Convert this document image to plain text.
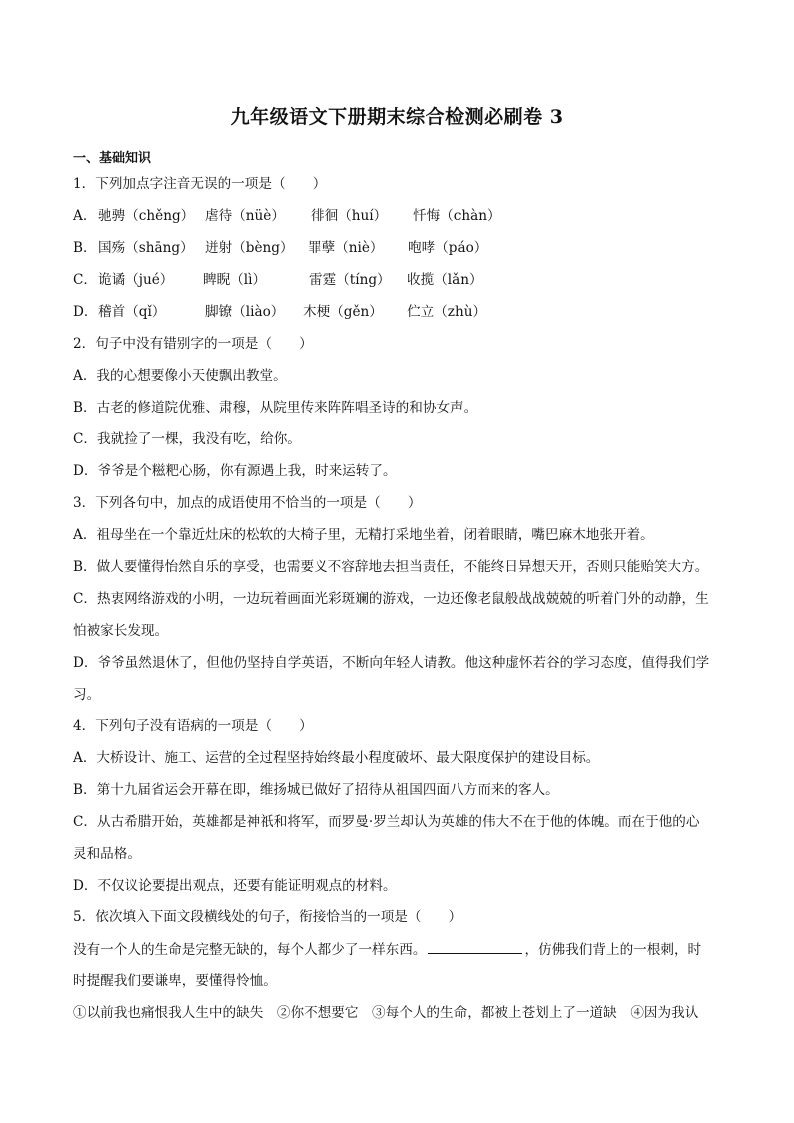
九年级语文下册期末综合检测必刷卷 3
一、基础知识
1．下列加点字注音无误的一项是（　　）
A． 驰骋（chěng） 虐待（nüè）	徘徊（huí）	忏悔（chàn）
B． 国殇（shāng） 迸射（bèng）	罪孽（niè）	咆哮（páo）
C． 诡谲（jué）	睥睨（lì）	雷霆（tíng）	收揽（lǎn）
D． 稽首（qǐ）	脚镣（liào）	木梗（gěn）	伫立（zhù）
2．句子中没有错别字的一项是（　　）
A．我的心想要像小天使飘出教堂。
B．古老的修道院优雅、肃穆，从院里传来阵阵唱圣诗的和协女声。
C．我就捡了一棵，我没有吃，给你。
D．爷爷是个糍粑心肠，你有源遇上我，时来运转了。
3．下列各句中，加点的成语使用不恰当的一项是（　　）
A．祖母坐在一个靠近灶床的松软的大椅子里，无精打采地坐着，闭着眼睛，嘴巴麻木地张开着。
B．做人要懂得怡然自乐的享受，也需要义不容辞地去担当责任，不能终日异想天开，否则只能贻笑大方。
C．热衷网络游戏的小明，一边玩着画面光彩斑斓的游戏，一边还像老鼠般战战兢兢的听着门外的动静，生
怕被家长发现。
D．爷爷虽然退休了，但他仍坚持自学英语，不断向年轻人请教。他这种虚怀若谷的学习态度，值得我们学
习。
4．下列句子没有语病的一项是（　　）
A．大桥设计、施工、运营的全过程坚持始终最小程度破坏、最大限度保护的建设目标。
B．第十九届省运会开幕在即，维扬城已做好了招待从祖国四面八方而来的客人。
C．从古希腊开始，英雄都是神祇和将军，而罗曼·罗兰却认为英雄的伟大不在于他的体魄。而在于他的心
灵和品格。
D．不仅议论要提出观点，还要有能证明观点的材料。
5．依次填入下面文段横线处的句子，衔接恰当的一项是（　　）
没有一个人的生命是完整无缺的，每个人都少了一样东西。	，仿佛我们背上的一根刺，时
时提醒我们要谦卑，要懂得怜恤。
①以前我也痛恨我人生中的缺失　②你不想要它　③每个人的生命，都被上苍划上了一道缺　④因为我认
